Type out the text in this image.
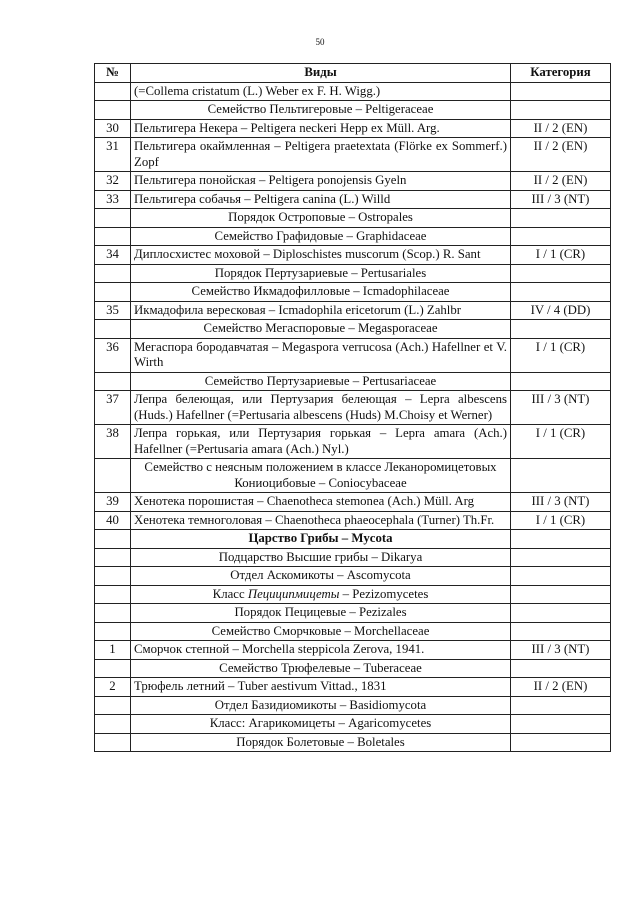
50
№	Виды	Категория
	(=Collema cristatum (L.) Weber ex F. H. Wigg.)	
	Семейство Пельтигеровые – Peltigeraceae	
30	Пельтигера Некера – Peltigera neckeri Hepp ex Müll. Arg.	II / 2 (EN)
31	Пельтигера окаймленная – Peltigera praetextata (Flörke ex Sommerf.) Zopf	II / 2 (EN)
32	Пельтигера понойская – Peltigera ponojensis Gyeln	II / 2 (EN)
33	Пельтигера собачья – Peltigera canina (L.) Willd	III / 3 (NT)
	Порядок Остроповые – Ostropales	
	Семейство Графидовые – Graphidaceae	
34	Диплосхистес моховой – Diploschistes muscorum (Scop.) R. Sant	I / 1 (CR)
	Порядок Пертузариевые – Pertusariales	
	Семейство Икмадофилловые – Icmadophilaceae	
35	Икмадофила вересковая – Icmadophila ericetorum (L.) Zahlbr	IV / 4 (DD)
	Семейство Мегаспоровые – Megasporaceae	
36	Мегаспора бородавчатая – Megaspora verrucosa (Ach.) Hafellner et V. Wirth	I / 1 (CR)
	Семейство Пертузариевые – Pertusariaceae	
37	Лепра белеющая, или Пертузария белеющая – Lepra albescens (Huds.) Hafellner (=Pertusaria albescens (Huds) M.Choisy et Werner)	III / 3 (NT)
38	Лепра горькая, или Пертузария горькая – Lepra amara (Ach.) Hafellner (=Pertusaria amara (Ach.) Nyl.)	I / 1 (CR)
	Семейство с неясным положением в классе Леканоромицетовых Кониоцибовые – Coniocybaceae	
39	Хенотека порошистая – Chaenotheca stemonea (Ach.) Müll. Arg	III / 3 (NT)
40	Хенотека темноголовая – Chaenotheca phaeocephala (Turner) Th.Fr.	I / 1 (CR)
	Царство Грибы – Mycota	
	Подцарство Высшие грибы – Dikarya	
	Отдел Аскомикоты – Ascomycota	
	Класс Пециципмицеты – Pezizomycetes	
	Порядок Пецицевые – Pezizales	
	Семейство Сморчковые – Morchellaceae	
1	Сморчок степной – Morchella steppicola Zerova, 1941.	III / 3 (NT)
	Семейство Трюфелевые – Tuberaceae	
2	Трюфель летний – Tuber aestivum Vittad., 1831	II / 2 (EN)
	Отдел Базидиомикоты – Basidiomycota	
	Класс: Агарикомицеты – Agaricomycetes	
	Порядок Болетовые – Boletales	
